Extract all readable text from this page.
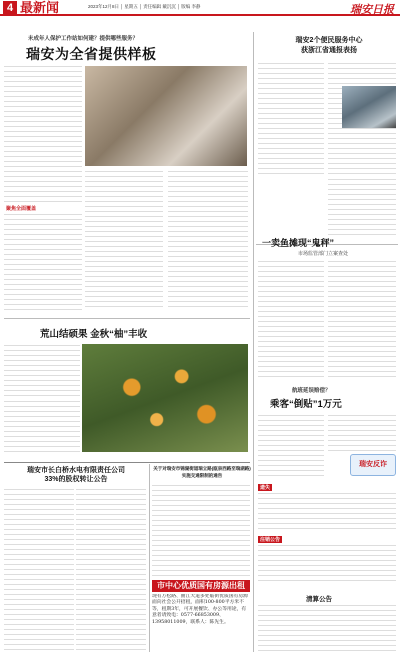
4 最新闻	2023年12月8日 │ 星期五 │ 责任编辑 戴沉沉 │ 版编 李静	瑞安日报
未成年人保护工作站如何建？提供哪些服务？
瑞安为全省提供样板
聚焦全面覆盖
瑞安2个便民服务中心
获浙江省通报表扬
一卖鱼摊现“鬼秤”
市场监管部门立案查处
荒山结硕果 金秋“柚”丰收
航班延误赔偿？
乘客“倒贴”1万元
瑞安反诈
瑞安市长白桥水电有限责任公司
33%的股权转让公告
关于对瑞安市锦湖街道瑞立路(瓯泉西路至瑞湖路)
实施交通限制的通告
市中心优质国有房源出租
现有万松路、曲江大道多处临街优质国有房源面向社会公开招租，面积100-800平方米不等，租期3年，可开展餐饮、办公等用途，有意者请致电：0577-66853009、13958011009，联系人：陈先生。
遗失
注销公告
清算公告
